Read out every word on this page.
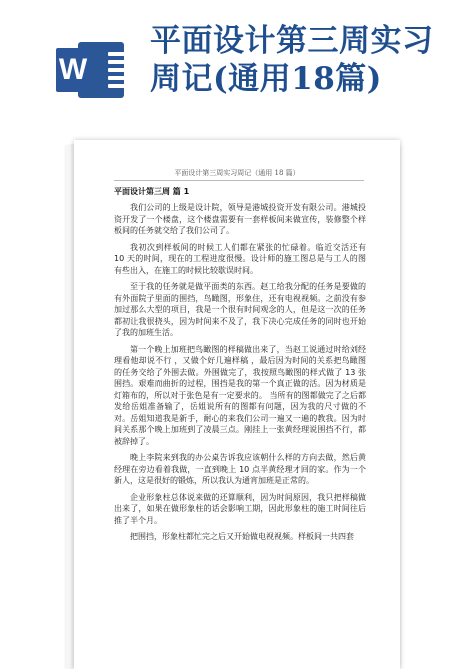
W
平面设计第三周实习周记(通用18篇)
平面设计第三周实习周记（通用 18 篇）
平面设计第三周 篇 1

我们公司的上级是设计院，领导是港城投资开发有限公司。港城投资开发了一个楼盘，这个楼盘需要有一套样板间来做宣传，装修整个样板间的任务就交给了我们公司了。

我初次到样板间的时候工人们都在紧张的忙碌着。临近交活还有 10 天的时间，现在的工程进度很慢。设计师的施工图总是与工人的图有些出入，在施工的时候比较歇误时间。

至于我的任务就是做平面类的东西。赵工给我分配的任务是要做的有外面院子里面的围挡，鸟瞰图，形象住，还有电视视频。之前没有参加过那么大型的项目，我是一个很有时间观念的人，但是这一次的任务都初让我很挠头，因为时间来不及了，我下决心完成任务的同时也开始了我的加班生活。

第一个晚上加班把鸟瞰图的样稿做出来了，当赵工说通过时给刘经理看他却说不行 ，又做个好几遍样稿 ，最后因为时间的关系把鸟瞰图的任务交给了外围去做。外围做完了，我按照鸟瞰图的样式做了 13 张围挡。艰难而曲折的过程，围挡是我的第一个真正做的活。因为材质是灯箱布的，所以对于张色是有一定要求的。 当所有的图都做完了之后都发给岳姐准备输了，岳姐说所有的图都有问题，因为我的尺寸做的不对。岳姐知道我是新手，耐心的来我们公司一遍又一遍的教我。因为时间关系那个晚上加班到了凌晨三点。刚挂上一张黄经理说围挡不行，都被辞掉了。

晚上李院来到我的办公桌告诉我应该朝什么样的方向去做，然后黄经理在旁边看着我做，一直到晚上 10 点半黄经理才回的家。作为一个新人，这是很好的锻炼，所以我认为通宵加班是正常的。

企业形象柱总体说来做的还算顺利，因为时间原因，我只把样稿做出来了，如果在做形象柱的话会影响工期，因此形象柱的施工时间往后推了半个月。

把围挡，形象柱都忙完之后又开始做电视视频。样板间一共四套
